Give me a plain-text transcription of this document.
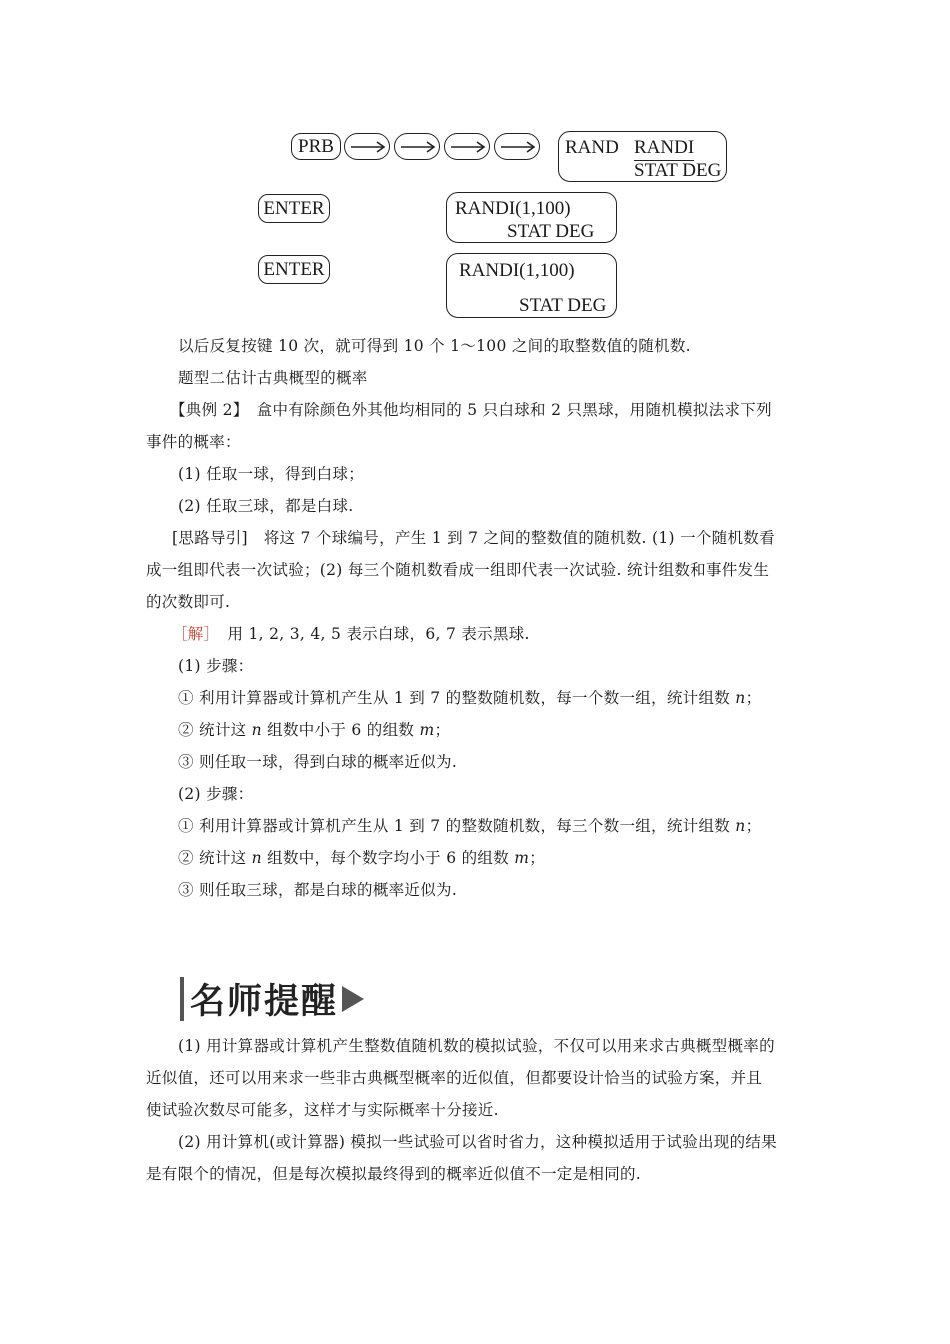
PRB	RAND RANDI
STAT DEG
ENTER	RANDI(1,100)
STAT DEG
ENTER	RANDI(1,100)
STAT DEG
以后反复按键 10 次，就可得到 10 个 1～100 之间的取整数值的随机数.
题型二估计古典概型的概率
【典例 2】　盒中有除颜色外其他均相同的 5 只白球和 2 只黑球，用随机模拟法求下列
事件的概率：
(1) 任取一球，得到白球；
(2) 任取三球，都是白球.
[思路导引]　将这 7 个球编号，产生 1 到 7 之间的整数值的随机数. (1) 一个随机数看
成一组即代表一次试验；(2) 每三个随机数看成一组即代表一次试验. 统计组数和事件发生
的次数即可.
［解］　用 1, 2, 3, 4, 5 表示白球，6, 7 表示黑球.
(1) 步骤：
① 利用计算器或计算机产生从 1 到 7 的整数随机数，每一个数一组，统计组数 n；
② 统计这 n 组数中小于 6 的组数 m；
③ 则任取一球，得到白球的概率近似为.
(2) 步骤：
① 利用计算器或计算机产生从 1 到 7 的整数随机数，每三个数一组，统计组数 n；
② 统计这 n 组数中，每个数字均小于 6 的组数 m；
③ 则任取三球，都是白球的概率近似为.
名师提醒
(1) 用计算器或计算机产生整数值随机数的模拟试验，不仅可以用来求古典概型概率的
近似值，还可以用来求一些非古典概型概率的近似值，但都要设计恰当的试验方案，并且
使试验次数尽可能多，这样才与实际概率十分接近.
(2) 用计算机(或计算器) 模拟一些试验可以省时省力，这种模拟适用于试验出现的结果
是有限个的情况，但是每次模拟最终得到的概率近似值不一定是相同的.
